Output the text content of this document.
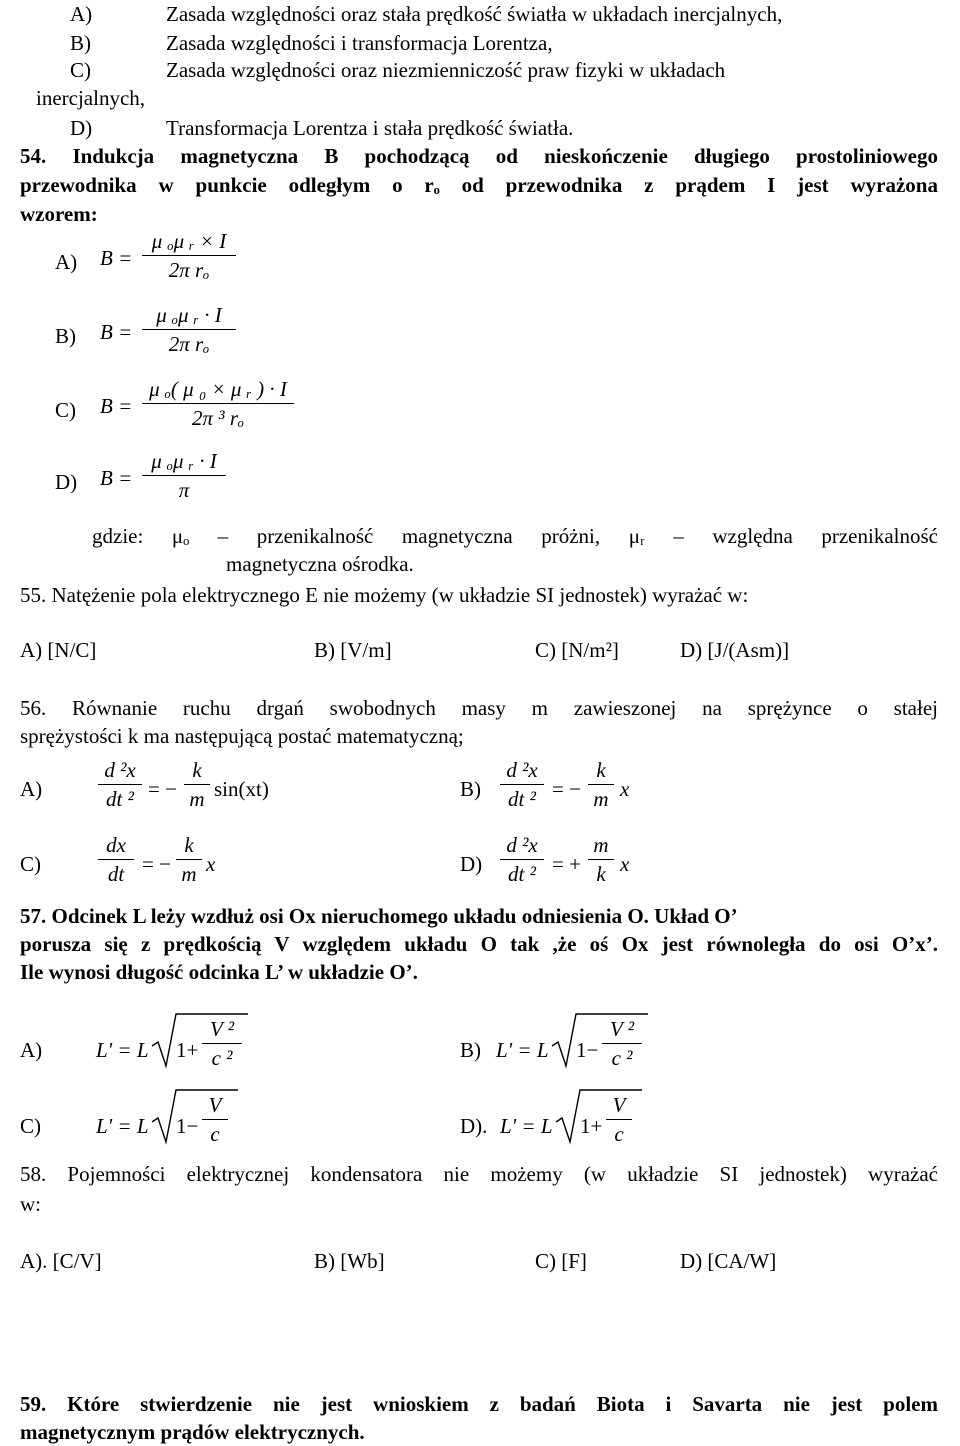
A)	Zasada względności oraz stała prędkość światła w układach inercjalnych,
B)	Zasada względności i transformacja Lorentza,
C)	Zasada względności oraz niezmienniczość praw fizyki w układach
inercjalnych,
D)	Transformacja Lorentza i stała prędkość światła.
54. Indukcja magnetyczna B pochodzącą od nieskończenie długiego prostoliniowego
przewodnika w punkcie odległym o rₒ od przewodnika z prądem I jest wyrażona
wzorem:
A) B =
μ ₒμ ᵣ × I
2π rₒ
B) B =
μ ₒμ ᵣ · I
2π rₒ
C) B =
μ ₒ( μ ₀ × μ ᵣ ) · I
2π ³ rₒ
D) B =
μ ₒμ ᵣ · I
π
gdzie: μₒ – przenikalność magnetyczna próżni, μᵣ – względna przenikalność
magnetyczna ośrodka.
55. Natężenie pola elektrycznego E nie możemy (w układzie SI jednostek) wyrażać w:
A) [N/C]	B) [V/m]	C) [N/m²]	D) [J/(Asm)]
56. Równanie ruchu drgań swobodnych masy m zawieszonej na sprężynce o stałej
sprężystości k ma następującą postać matematyczną;
A)
d ²x
dt ² = −
k
m sin(xt)	B)
d ²x
dt ² = −
k
m x
C)
dx
dt = −
k
m x	D)
d ²x
dt ² = +
m
k x
57. Odcinek L leży wzdłuż osi Ox nieruchomego układu odniesienia O. Układ O’
porusza się z prędkością V względem układu O tak ,że oś Ox jest równoległa do osi O’x’.
Ile wynosi długość odcinka L’ w układzie O’.
A)	L' = L 1+
V ²
c ²	B) L' = L 1−
V ²
c ²
C)	L' = L 1−
V
c	D). L' = L 1+
V
c
58. Pojemności elektrycznej kondensatora nie możemy (w układzie SI jednostek) wyrażać
w:
A). [C/V]	B) [Wb]	C) [F]	D) [CA/W]
59. Które stwierdzenie nie jest wnioskiem z badań Biota i Savarta nie jest polem
magnetycznym prądów elektrycznych.
